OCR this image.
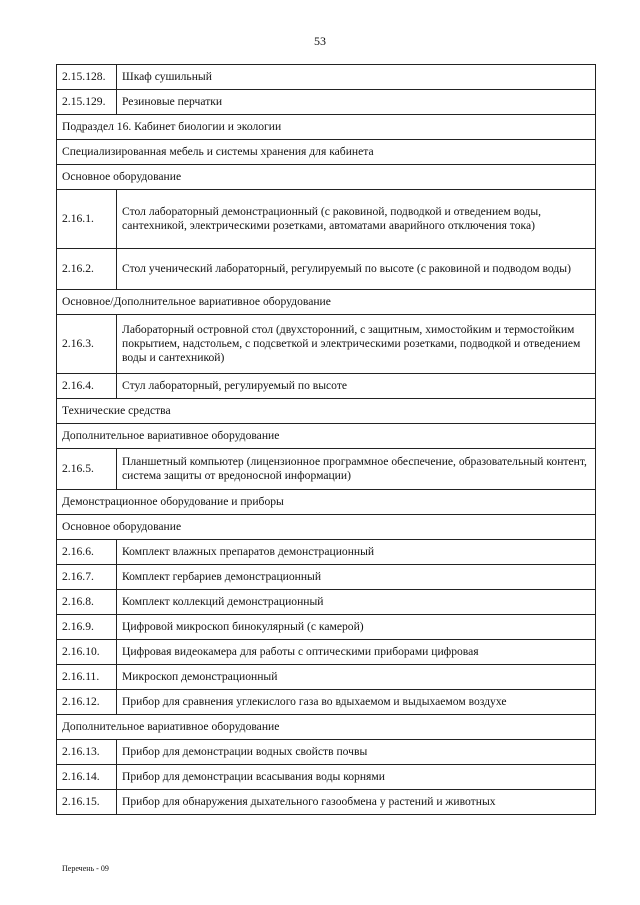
53
2.15.128.	Шкаф сушильный
2.15.129.	Резиновые перчатки
Подраздел 16. Кабинет биологии и экологии	
Специализированная мебель и системы хранения для кабинета	
Основное оборудование	
2.16.1.	Стол лабораторный демонстрационный (с раковиной, подводкой и отведением воды, сантехникой, электрическими розетками, автоматами аварийного отключения тока)
2.16.2.	Стол ученический лабораторный, регулируемый по высоте (с раковиной и подводом воды)
Основное/Дополнительное вариативное оборудование	
2.16.3.	Лабораторный островной стол (двухсторонний, с защитным, химостойким и термостойким покрытием, надстольем, с подсветкой и электрическими розетками, подводкой и отведением воды и сантехникой)
2.16.4.	Стул лабораторный, регулируемый по высоте
Технические средства	
Дополнительное вариативное оборудование	
2.16.5.	Планшетный компьютер (лицензионное программное обеспечение, образовательный контент, система защиты от вредоносной информации)
Демонстрационное оборудование и приборы	
Основное оборудование	
2.16.6.	Комплект влажных препаратов демонстрационный
2.16.7.	Комплект гербариев демонстрационный
2.16.8.	Комплект коллекций демонстрационный
2.16.9.	Цифровой микроскоп бинокулярный (с камерой)
2.16.10.	Цифровая видеокамера для работы с оптическими приборами цифровая
2.16.11.	Микроскоп демонстрационный
2.16.12.	Прибор для сравнения углекислого газа во вдыхаемом и выдыхаемом воздухе
Дополнительное вариативное оборудование	
2.16.13.	Прибор для демонстрации водных свойств почвы
2.16.14.	Прибор для демонстрации всасывания воды корнями
2.16.15.	Прибор для обнаружения дыхательного газообмена у растений и животных
Перечень - 09
